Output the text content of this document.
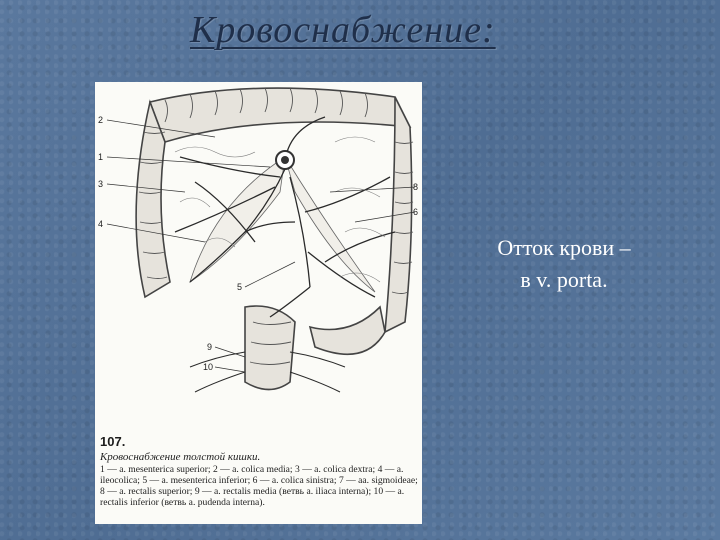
Кровоснабжение:
1
2
3
4
5
6
8
9
10
107.
Кровоснабжение толстой кишки.
1 — a. mesenterica superior; 2 — a. colica media; 3 — a. colica dextra; 4 — a. ileocolica; 5 — a. mesenterica inferior; 6 — a. colica sinistra; 7 — aa. sigmoideae; 8 — a. rectalis superior; 9 — a. rectalis media (ветвь a. iliaca interna); 10 — a. rectalis inferior (ветвь a. pudenda interna).
Отток крови –
в v. porta.
